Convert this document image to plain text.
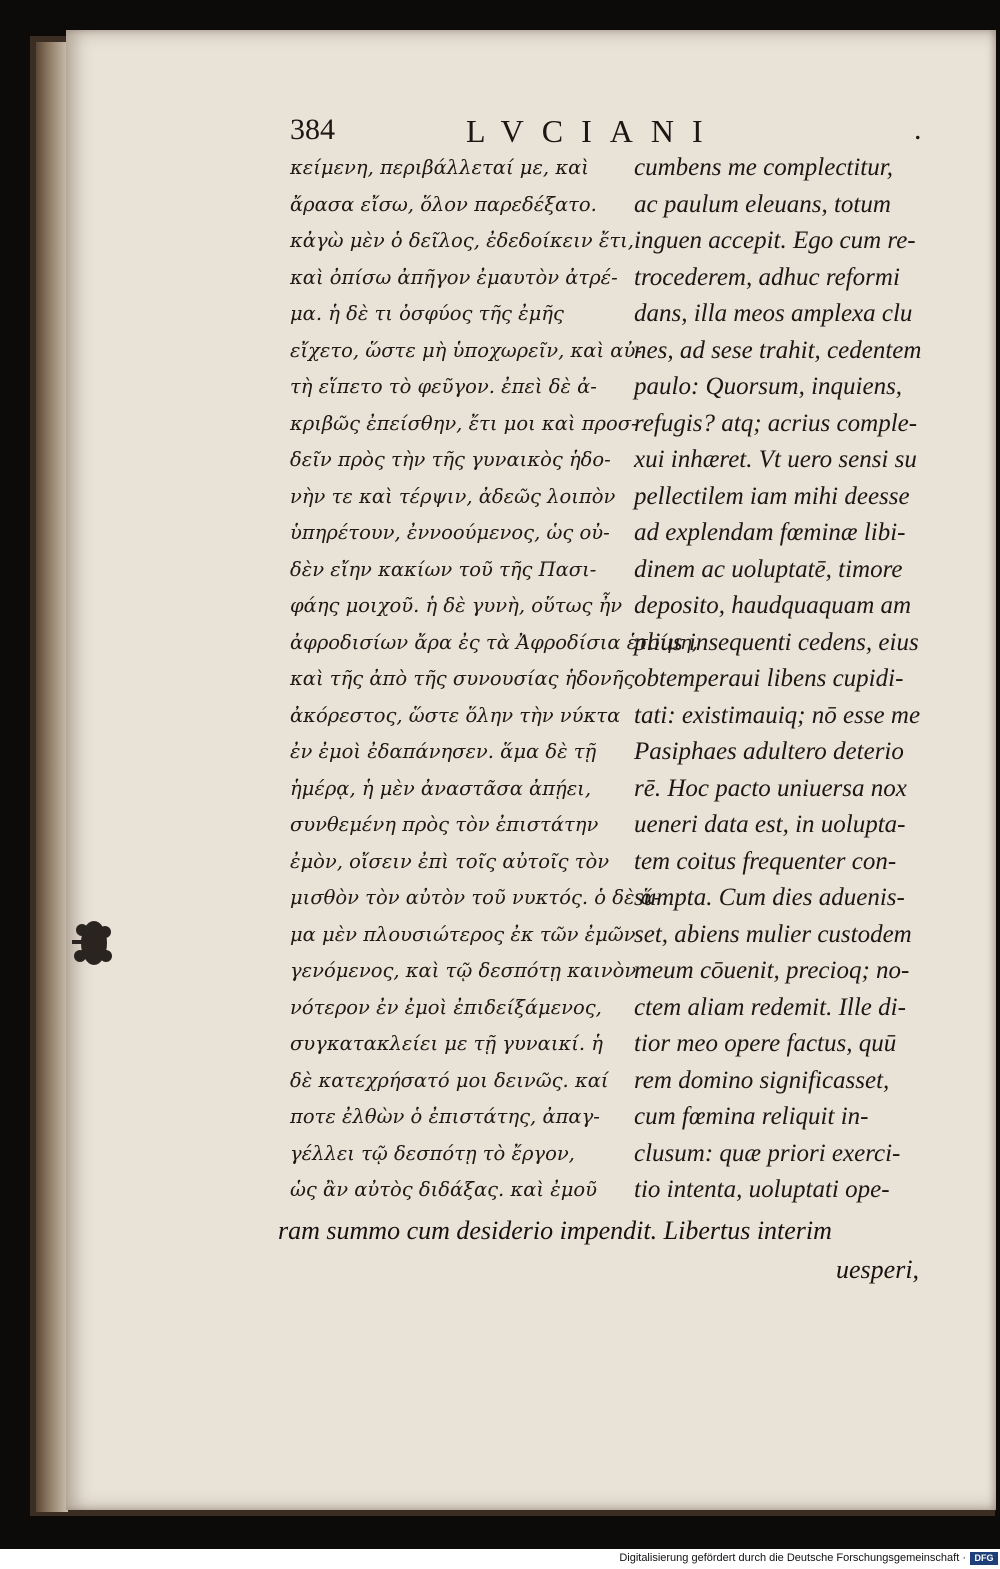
384	LVCIANI	.
κείμενη, περιβάλλεταί με, καὶ
ἄρασα εἴσω, ὅλον παρεδέξατο.
κἀγὼ μὲν ὁ δεῖλος, ἐδεδοίκειν ἔτι,
καὶ ὀπίσω ἀπῆγον ἐμαυτὸν ἀτρέ-
μα. ἡ δὲ τι ὀσφύος τῆς ἐμῆς
εἴχετο, ὥστε μὴ ὑποχωρεῖν, καὶ αὐ-
τὴ εἵπετο τὸ φεῦγον. ἐπεὶ δὲ ἀ-
κριβῶς ἐπείσθην, ἔτι μοι καὶ προσ-
δεῖν πρὸς τὴν τῆς γυναικὸς ἡδο-
νὴν τε καὶ τέρψιν, ἀδεῶς λοιπὸν
ὑπηρέτουν, ἐννοούμενος, ὡς οὐ-
δὲν εἴην κακίων τοῦ τῆς Πασι-
φάης μοιχοῦ. ἡ δὲ γυνὴ, οὕτως ἦν
ἀφροδισίων ἄρα ἐς τὰ Ἀφροδίσια ἑτοίμη,
καὶ τῆς ἀπὸ τῆς συνουσίας ἡδονῆς
ἀκόρεστος, ὥστε ὅλην τὴν νύκτα
ἐν ἐμοὶ ἐδαπάνησεν. ἅμα δὲ τῇ
ἡμέρᾳ, ἡ μὲν ἀναστᾶσα ἀπῄει,
συνθεμένη πρὸς τὸν ἐπιστάτην
ἐμὸν, οἴσειν ἐπὶ τοῖς αὐτοῖς τὸν
μισθὸν τὸν αὐτὸν τοῦ νυκτός. ὁ δὲ ἅ-
μα μὲν πλουσιώτερος ἐκ τῶν ἐμῶν
γενόμενος, καὶ τῷ δεσπότῃ καινὸν
νότερον ἐν ἐμοὶ ἐπιδείξάμενος,
συγκατακλείει με τῇ γυναικί. ἡ
δὲ κατεχρήσατό μοι δεινῶς. καί
ποτε ἐλθὼν ὁ ἐπιστάτης, ἀπαγ-
γέλλει τῷ δεσπότῃ τὸ ἔργον,
ὡς ἂν αὐτὸς διδάξας. καὶ ἐμοῦ
cumbens me complectitur,
ac paulum eleuans, totum
inguen accepit. Ego cum re-
trocederem, adhuc reformi
dans, illa meos amplexa clu
nes, ad sese trahit, cedentem
paulo: Quorsum, inquiens,
refugis? atq; acrius comple-
xui inhæret. Vt uero sensi su
pellectilem iam mihi deesse
ad explendam fœminæ libi-
dinem ac uoluptatē, timore
deposito, haudquaquam am
plius insequenti cedens, eius
obtemperaui libens cupidi-
tati: existimauiq; nō esse me
Pasiphaes adultero deterio
rē. Hoc pacto uniuersa nox
ueneri data est, in uolupta-
tem coitus frequenter con-
sumpta. Cum dies aduenis-
set, abiens mulier custodem
meum cōuenit, precioq; no-
ctem aliam redemit. Ille di-
tior meo opere factus, quū
rem domino significasset,
cum fœmina reliquit in-
clusum: quæ priori exerci-
tio intenta, uoluptati ope-
ram summo cum desiderio impendit. Libertus interim
uesperi,
Digitalisierung gefördert durch die Deutsche Forschungsgemeinschaft · DFG
